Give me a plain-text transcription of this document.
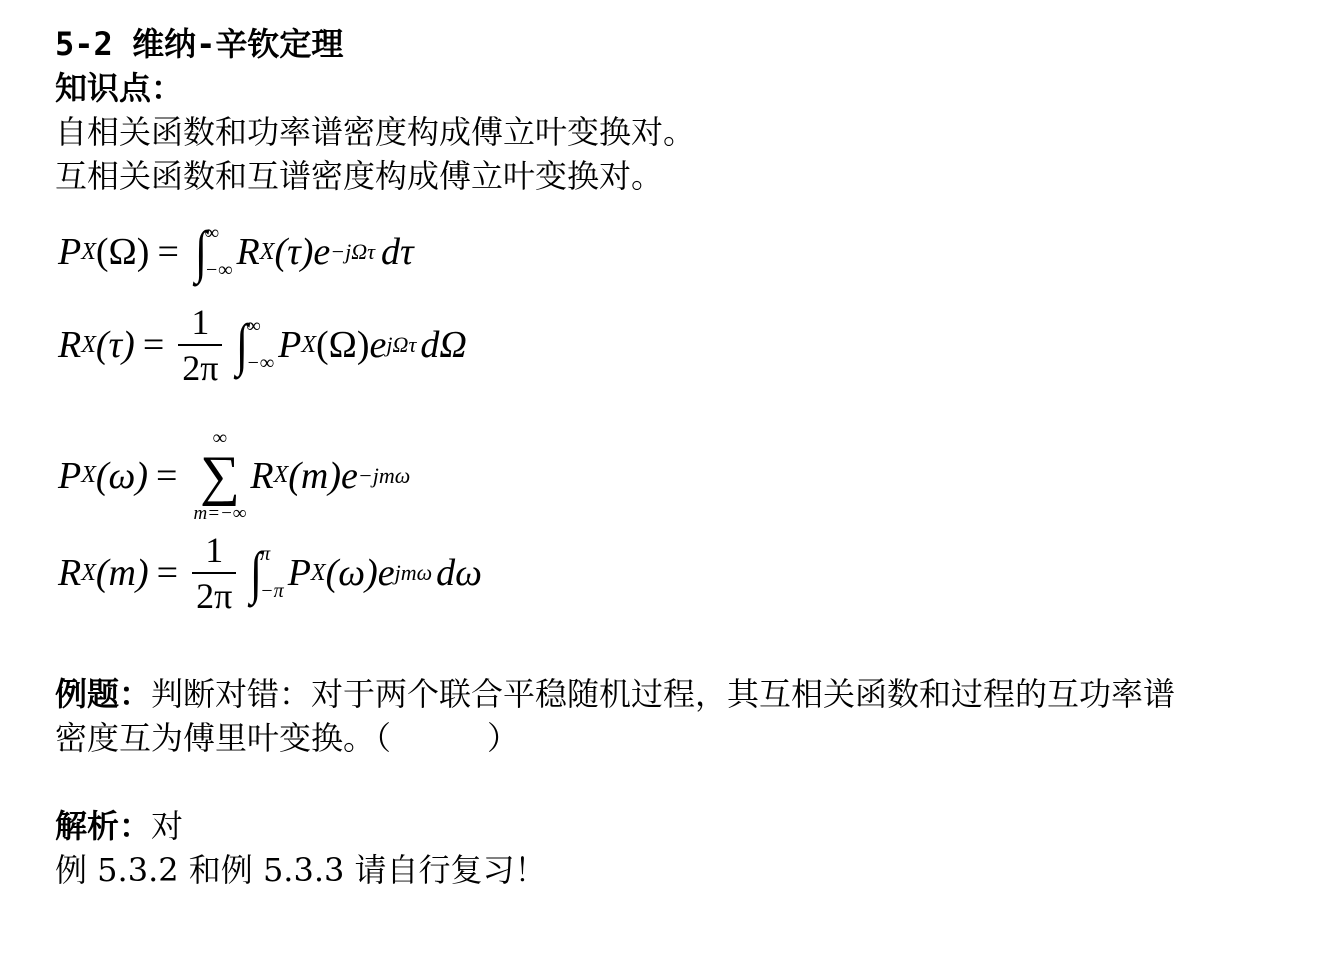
5-2 维纳-辛钦定理
知识点：
自相关函数和功率谱密度构成傅立叶变换对。
互相关函数和互谱密度构成傅立叶变换对。
P X (Ω) = ∫
∞
−∞ R X (τ) e −jΩτ dτ
R X $(\tau) = \frac{1}{2\pi}$ ∫
∞
−∞ P X (Ω) e jΩτ dΩ
P X (ω) =
∞
∑
m=−∞
R X (m) e −jmω
R X $(m) = \frac{1}{2\pi}$ ∫
π
−π P X (ω) e jmω dω
例题：判断对错：对于两个联合平稳随机过程，其互相关函数和过程的互功率谱
密度互为傅里叶变换。（　　　）
解析：对
例 5.3.2 和例 5.3.3 请自行复习！
